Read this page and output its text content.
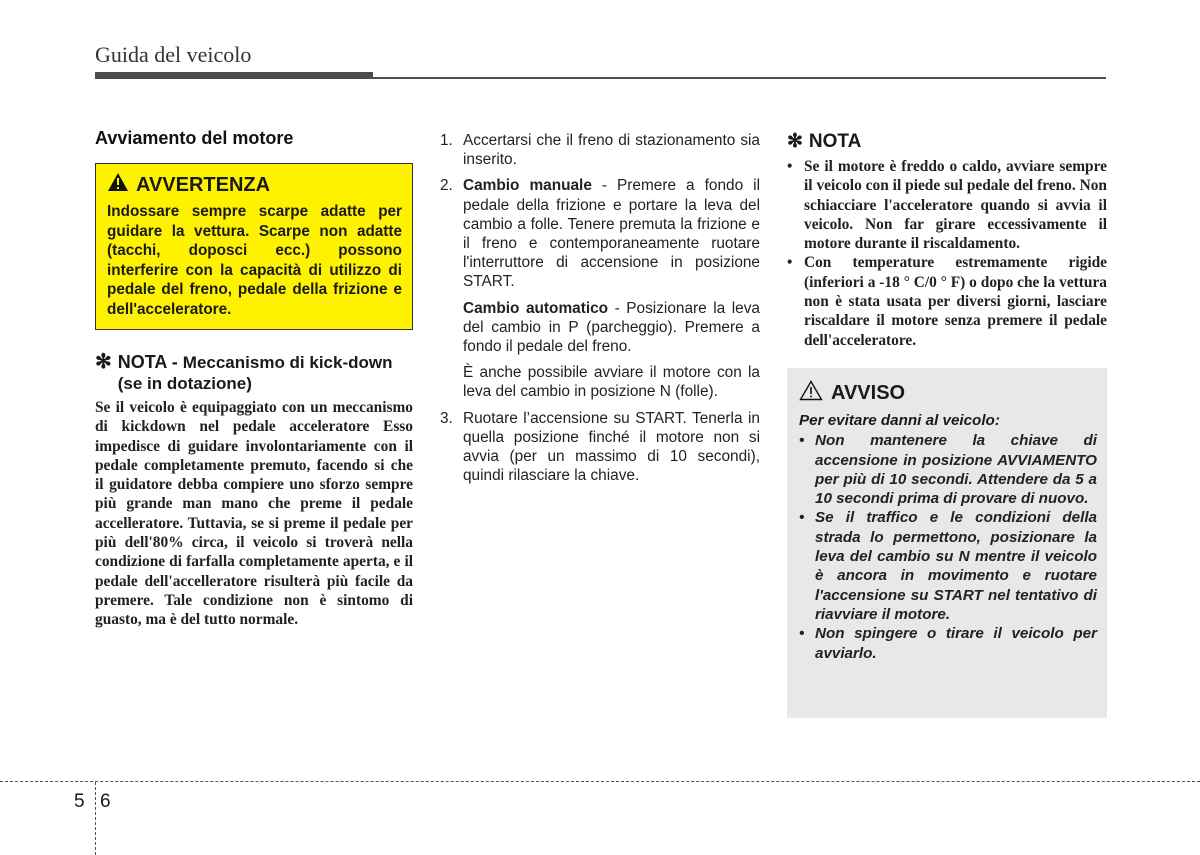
Guida del veicolo
Avviamento del motore
AVVERTENZA
Indossare sempre scarpe adatte per guidare la vettura. Scarpe non adatte (tacchi, doposci ecc.) possono interferire con la capacità di utilizzo di pedale del freno, pedale della frizione e dell'acceleratore.
✻ NOTA - Meccanismo di kick-down (se in dotazione)
Se il veicolo è equipaggiato con un meccanismo di kickdown nel pedale acceleratore Esso impedisce di guidare involontariamente con il pedale completamente premuto, facendo si che il guidatore debba compiere uno sforzo sempre più grande man mano che preme il pedale accelleratore. Tuttavia, se si preme il pedale per più dell'80% circa, il veicolo si troverà nella condizione di farfalla completamente aperta, e il pedale dell'accelleratore risulterà più facile da premere. Tale condizione non è sintomo di guasto, ma è del tutto normale.
1. Accertarsi che il freno di stazionamento sia inserito.
2. Cambio manuale - Premere a fondo il pedale della frizione e portare la leva del cambio a folle. Tenere premuta la frizione e il freno e contemporaneamente ruotare l'interruttore di accensione in posizione START.
Cambio automatico - Posizionare la leva del cambio in P (parcheggio). Premere a fondo il pedale del freno.
È anche possibile avviare il motore con la leva del cambio in posizione N (folle).
3. Ruotare l’accensione su START. Tenerla in quella posizione finché il motore non si avvia (per un massimo di 10 secondi), quindi rilasciare la chiave.
✻ NOTA
• Se il motore è freddo o caldo, avviare sempre il veicolo con il piede sul pedale del freno. Non schiacciare l'acceleratore quando si avvia il veicolo. Non far girare eccessivamente il motore durante il riscaldamento.
• Con temperature estremamente rigide (inferiori a -18 ° C/0 ° F) o dopo che la vettura non è stata usata per diversi giorni, lasciare riscaldare il motore senza premere il pedale dell'acceleratore.
AVVISO
Per evitare danni al veicolo:
• Non mantenere la chiave di accensione in posizione AVVIAMENTO per più di 10 secondi. Attendere da 5 a 10 secondi prima di provare di nuovo.
• Se il traffico e le condizioni della strada lo permettono, posizionare la leva del cambio su N mentre il veicolo è ancora in movimento e ruotare l'accensione su START nel tentativo di riavviare il motore.
• Non spingere o tirare il veicolo per avviarlo.
5 6
